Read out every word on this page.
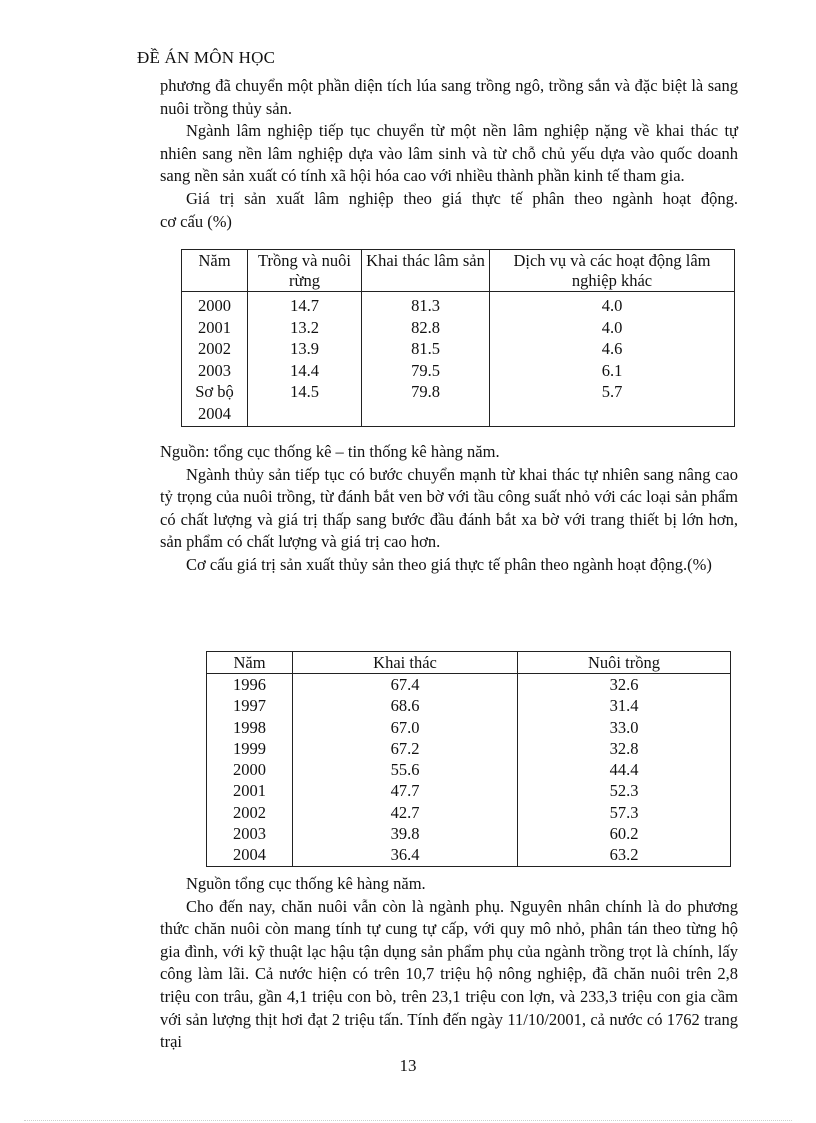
ĐỀ ÁN MÔN HỌC

phương đã chuyển một phần diện tích lúa sang trồng ngô, trồng sắn và đặc biệt là sang nuôi trồng thủy sản.

Ngành lâm nghiệp tiếp tục chuyển từ một nền lâm nghiệp nặng về khai thác tự nhiên sang nền lâm nghiệp dựa vào lâm sinh và từ chỗ chủ yếu dựa vào quốc doanh sang nền sản xuất có tính xã hội hóa cao với nhiều thành phần kinh tế tham gia.

Giá trị sản xuất lâm nghiệp theo giá thực tế phân theo ngành hoạt động.

cơ cấu (%)

Năm	Trồng và nuôi rừng	Khai thác lâm sản	Dịch vụ và các hoạt động lâm nghiệp khác
2000	14.7	81.3	4.0
2001	13.2	82.8	4.0
2002	13.9	81.5	4.6
2003	14.4	79.5	6.1
Sơ bộ 2004	14.5	79.8	5.7

Nguồn: tổng cục thống kê – tin thống kê hàng năm.

Ngành thủy sản tiếp tục có bước chuyển mạnh từ khai thác tự nhiên sang nâng cao tỷ trọng của nuôi trồng, từ đánh bắt ven bờ với tầu công suất nhỏ với các loại sản phẩm có chất lượng và giá trị thấp sang bước đầu đánh bắt xa bờ với trang thiết bị lớn hơn, sản phẩm có chất lượng và giá trị cao hơn.

Cơ cấu giá trị sản xuất thủy sản theo giá thực tế phân theo ngành hoạt động.(%)

Năm	Khai thác	Nuôi trồng
1996	67.4	32.6
1997	68.6	31.4
1998	67.0	33.0
1999	67.2	32.8
2000	55.6	44.4
2001	47.7	52.3
2002	42.7	57.3
2003	39.8	60.2
2004	36.4	63.2

Nguồn tổng cục thống kê hàng năm.

Cho đến nay, chăn nuôi vẫn còn là ngành phụ. Nguyên nhân chính là do phương thức chăn nuôi còn mang tính tự cung tự cấp, với quy mô nhỏ, phân tán theo từng hộ gia đình, với kỹ thuật lạc hậu tận dụng sản phẩm phụ của ngành trồng trọt là chính, lấy công làm lãi. Cả nước hiện có trên 10,7 triệu hộ nông nghiệp, đã chăn nuôi trên 2,8 triệu con trâu, gần 4,1 triệu con bò, trên 23,1 triệu con lợn, và 233,3 triệu con gia cầm với sản lượng thịt hơi đạt 2 triệu tấn. Tính đến ngày 11/10/2001, cả nước có 1762 trang trại

13
